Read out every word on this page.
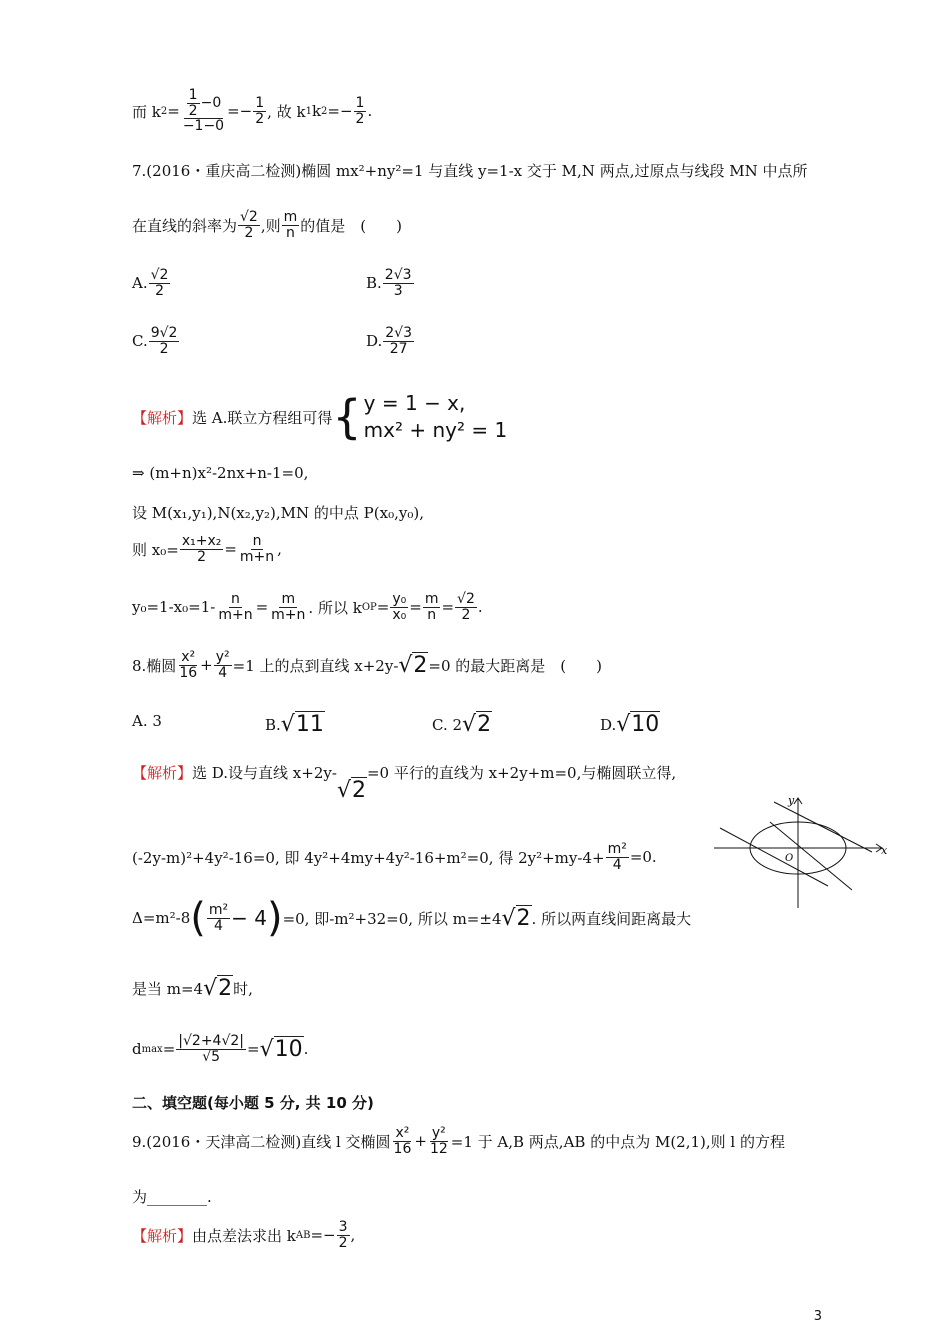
而 k $2 = \frac{\frac{1}{2} -0}{-1-0} =- \frac{1}{2}$ , 故 k 1 k $2 =- \frac{1}{2}$ .
7.(2016・重庆高二检测)椭圆 mx²+ny²=1 与直线 y=1-x 交于 M,N 两点,过原点与线段 MN 中点所
在直线的斜率为 $\frac{√2}{2}$ ,则 $\frac{m}{n}$ 的值是　(　　)
A. $\frac{√2}{2}$	B. $\frac{2√3}{3}$
C. $\frac{9√2}{2}$	D. $\frac{2√3}{27}$
【解析】 选 A.联立方程组可得 { y = 1 − x,
mx² + ny² = 1
⇒ (m+n)x²-2nx+n-1=0,
设 M(x₁,y₁),N(x₂,y₂),MN 的中点 P(x₀,y₀),
则 $x_0= \frac{\text{x₁+x₂}}{2} = \frac{n}{m+n}$ ,
$y_0=1-x_0=1- \frac{n}{m+n} = \frac{m}{m+n}$ . 所以 k OP = $\frac{\text{y₀}}{\text{x₀}} = \frac{m}{n} = \frac{√2}{2}$ .
8.椭圆 $\frac{\text{x²}}{16} + \frac{\text{y²}}{4} =1$ 上的点到直线 x+2y- √2 =0 的最大距离是　(　　)
A. 3	B. √11	C. 2 √2	D. √10
【解析】 选 D.设与直线 x+2y-
√2
=0 平行的直线为 x+2y+m=0,与椭圆联立得,
(-2y-m)²+4y²-16=0, 即 4y²+4my+4y²-16+m²=0, 得 $2y^2+my-4+ \frac{\text{m²}}{4} =0$.
Δ=m²-8 ( $\frac{\text{m²}}{4} - 4$ ) =0, 即-m²+32=0, 所以 m=±4 √2 . 所以两直线间距离最大
是当 m=4 √2 时,
d $\max = \frac{|√2+4√2|}{√5} = √10$ .
x
y
O
二、填空题(每小题 5 分, 共 10 分)
9.(2016・天津高二检测)直线 l 交椭圆 $\frac{\text{x²}}{16} + \frac{\text{y²}}{12} =1$ 于 A,B 两点,AB 的中点为 M(2,1),则 l 的方程
为________.
【解析】 由点差法求出 k AB =− $\frac{3}{2}$ ,
3
